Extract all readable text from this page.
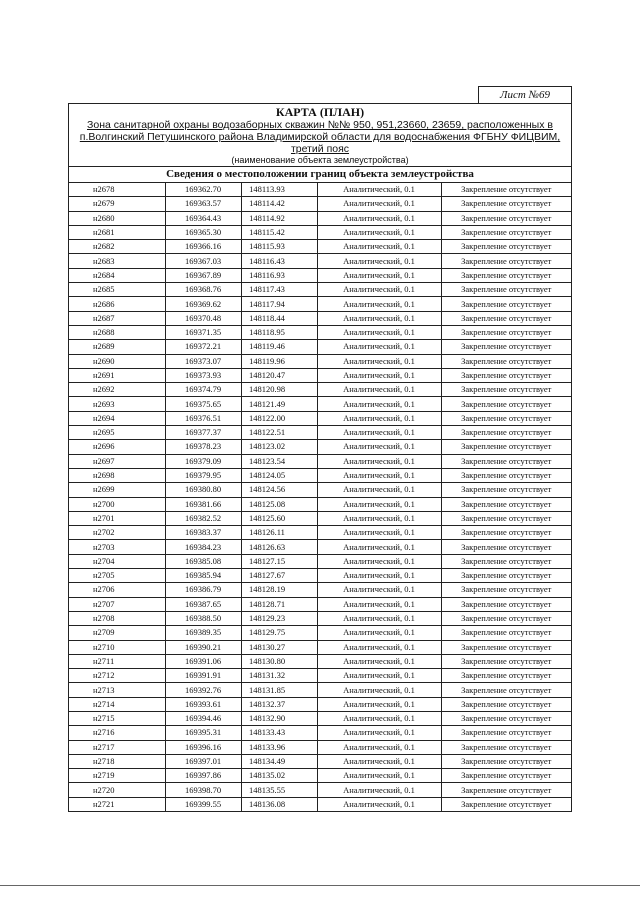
Лист №69
КАРТА (ПЛАН)
Зона санитарной охраны водозаборных скважин №№ 950, 951,23660, 23659, расположенных в
п.Волгинский Петушинского района Владимирской области для водоснабжения ФГБНУ ФИЦВИМ,
третий пояс
(наименование объекта землеустройства)
Сведения о местоположении границ объекта землеустройства
н2678	169362.70	148113.93	Аналитический, 0.1	Закрепление отсутствует
н2679	169363.57	148114.42	Аналитический, 0.1	Закрепление отсутствует
н2680	169364.43	148114.92	Аналитический, 0.1	Закрепление отсутствует
н2681	169365.30	148115.42	Аналитический, 0.1	Закрепление отсутствует
н2682	169366.16	148115.93	Аналитический, 0.1	Закрепление отсутствует
н2683	169367.03	148116.43	Аналитический, 0.1	Закрепление отсутствует
н2684	169367.89	148116.93	Аналитический, 0.1	Закрепление отсутствует
н2685	169368.76	148117.43	Аналитический, 0.1	Закрепление отсутствует
н2686	169369.62	148117.94	Аналитический, 0.1	Закрепление отсутствует
н2687	169370.48	148118.44	Аналитический, 0.1	Закрепление отсутствует
н2688	169371.35	148118.95	Аналитический, 0.1	Закрепление отсутствует
н2689	169372.21	148119.46	Аналитический, 0.1	Закрепление отсутствует
н2690	169373.07	148119.96	Аналитический, 0.1	Закрепление отсутствует
н2691	169373.93	148120.47	Аналитический, 0.1	Закрепление отсутствует
н2692	169374.79	148120.98	Аналитический, 0.1	Закрепление отсутствует
н2693	169375.65	148121.49	Аналитический, 0.1	Закрепление отсутствует
н2694	169376.51	148122.00	Аналитический, 0.1	Закрепление отсутствует
н2695	169377.37	148122.51	Аналитический, 0.1	Закрепление отсутствует
н2696	169378.23	148123.02	Аналитический, 0.1	Закрепление отсутствует
н2697	169379.09	148123.54	Аналитический, 0.1	Закрепление отсутствует
н2698	169379.95	148124.05	Аналитический, 0.1	Закрепление отсутствует
н2699	169380.80	148124.56	Аналитический, 0.1	Закрепление отсутствует
н2700	169381.66	148125.08	Аналитический, 0.1	Закрепление отсутствует
н2701	169382.52	148125.60	Аналитический, 0.1	Закрепление отсутствует
н2702	169383.37	148126.11	Аналитический, 0.1	Закрепление отсутствует
н2703	169384.23	148126.63	Аналитический, 0.1	Закрепление отсутствует
н2704	169385.08	148127.15	Аналитический, 0.1	Закрепление отсутствует
н2705	169385.94	148127.67	Аналитический, 0.1	Закрепление отсутствует
н2706	169386.79	148128.19	Аналитический, 0.1	Закрепление отсутствует
н2707	169387.65	148128.71	Аналитический, 0.1	Закрепление отсутствует
н2708	169388.50	148129.23	Аналитический, 0.1	Закрепление отсутствует
н2709	169389.35	148129.75	Аналитический, 0.1	Закрепление отсутствует
н2710	169390.21	148130.27	Аналитический, 0.1	Закрепление отсутствует
н2711	169391.06	148130.80	Аналитический, 0.1	Закрепление отсутствует
н2712	169391.91	148131.32	Аналитический, 0.1	Закрепление отсутствует
н2713	169392.76	148131.85	Аналитический, 0.1	Закрепление отсутствует
н2714	169393.61	148132.37	Аналитический, 0.1	Закрепление отсутствует
н2715	169394.46	148132.90	Аналитический, 0.1	Закрепление отсутствует
н2716	169395.31	148133.43	Аналитический, 0.1	Закрепление отсутствует
н2717	169396.16	148133.96	Аналитический, 0.1	Закрепление отсутствует
н2718	169397.01	148134.49	Аналитический, 0.1	Закрепление отсутствует
н2719	169397.86	148135.02	Аналитический, 0.1	Закрепление отсутствует
н2720	169398.70	148135.55	Аналитический, 0.1	Закрепление отсутствует
н2721	169399.55	148136.08	Аналитический, 0.1	Закрепление отсутствует
